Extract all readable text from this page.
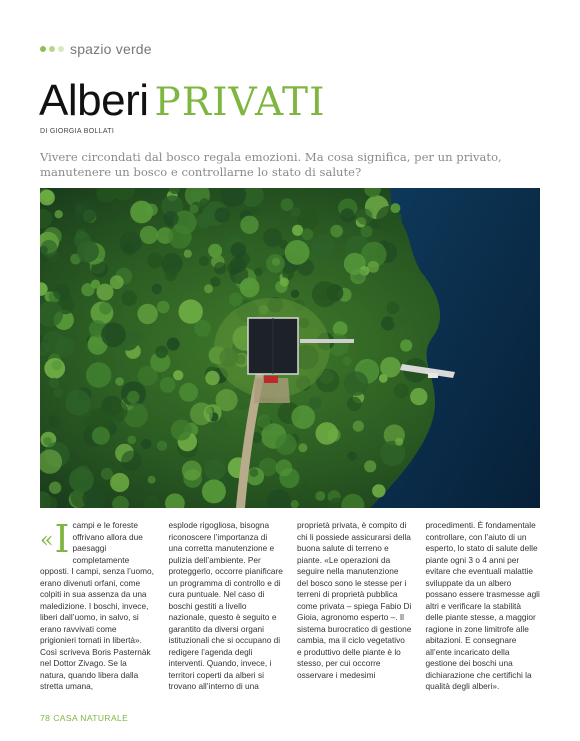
spazio verde
Alberi PRIVATI
DI GIORGIA BOLLATI
Vivere circondati dal bosco regala emozioni. Ma cosa significa, per un privato, manutenere un bosco e controllarne lo stato di salute?
« I campi e le foreste offrivano allora due paesaggi completamente opposti. I campi, senza l’uomo, erano divenuti orfani, come colpiti in sua assenza da una maledizione. I boschi, invece, liberi dall’uomo, in salvo, si erano ravvivati come prigionieri tornati in libertà». Così scriveva Boris Pasternàk nel Dottor Zivago. Se la natura, quando libera dalla stretta umana,

esplode rigogliosa, bisogna riconoscere l’importanza di una corretta manutenzione e pulizia dell’ambiente. Per proteggerlo, occorre pianificare un programma di controllo e di cura puntuale. Nel caso di boschi gestiti a livello nazionale, questo è seguito e garantito da diversi organi istituzionali che si occupano di redigere l’agenda degli interventi. Quando, invece, i territori coperti da alberi si trovano all’interno di una

proprietà privata, è compito di chi li possiede assicurarsi della buona salute di terreno e piante. «Le operazioni da seguire nella manutenzione del bosco sono le stesse per i terreni di proprietà pubblica come privata – spiega Fabio Di Gioia, agronomo esperto –. Il sistema burocratico di gestione cambia, ma il ciclo vegetativo e produttivo delle piante è lo stesso, per cui occorre osservare i medesimi

procedimenti. È fondamentale controllare, con l’aiuto di un esperto, lo stato di salute delle piante ogni 3 o 4 anni per evitare che eventuali malattie sviluppate da un albero possano essere trasmesse agli altri e verificare la stabilità delle piante stesse, a maggior ragione in zone limitrofe alle abitazioni. E consegnare all’ente incaricato della gestione dei boschi una dichiarazione che certifichi la qualità degli alberi».

78 CASA NATURALE
